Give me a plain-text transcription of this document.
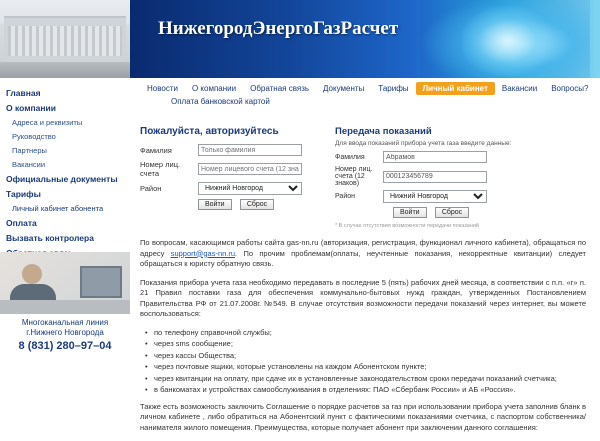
Главная
О компании
Адреса и реквизиты
Руководство
Партнеры
Вакансии
Официальные документы
Тарифы
Личный кабинет абонента
Оплата
Вызвать контролера
Многоканальная линия
г.Нижнего Новгорода
8 (831) 280–97–04
НижегородЭнергоГазРасчет
Новости	О компании	Обратная связь	Документы	Тарифы	Личный кабинет	Вакансии	Вопросы?
Оплата банковской картой
Пожалуйста, авторизуйтесь
Фамилия
Только фамилия
Номер лиц. счета
Номер лицевого счета (12 знаков)
Район
Нижний Новгород
Войти	Сброс
Передача показаний
Для ввода показаний прибора учета газа введите данные:
Фамилия
Абрамов
Номер лиц. счета (12 знаков)
000123456789
Район
Нижний Новгород
Войти	Сброс
* В случае отсутствия возможности передачи показаний

По вопросам, касающимся работы сайта gas-nn.ru (авторизация, регистрация, функционал личного кабинета), обращаться по адресу support@gas-nn.ru. По прочим проблемам(оплаты, неучтенные показания, некорректные квитанции) следует обращаться к юристу обратную связь.

Показания прибора учета газа необходимо передавать в последние 5 (пять) рабочих дней месяца, в соответствии с п.п. «г» п. 21 Правил поставки газа для обеспечения коммунально-бытовых нужд граждан, утвержденных Постановлением Правительства РФ от 21.07.2008г. №549. В случае отсутствия возможности передачи показаний через интернет, вы можете воспользоваться:

• по телефону справочной службы;
• через sms сообщение;
• через кассы Общества;
• через почтовые ящики, которые установлены на каждом Абонентском пункте;
• через квитанции на оплату, при сдаче их в установленные законодательством сроки передачи показаний счетчика;
• в банкоматах и устройствах самообслуживания в отделениях: ПАО «Сбербанк России» и АБ «Россия».

Также есть возможность заключить Соглашение о порядке расчетов за газ при использовании прибора учета заполнив бланк в личном кабинете , либо обратиться на Абонентский пункт с фактическими показаниями счетчика, с паспортом собственника/нанимателя жилого помещения. Преимущества, которые получает абонент при заключении данного соглашения:
